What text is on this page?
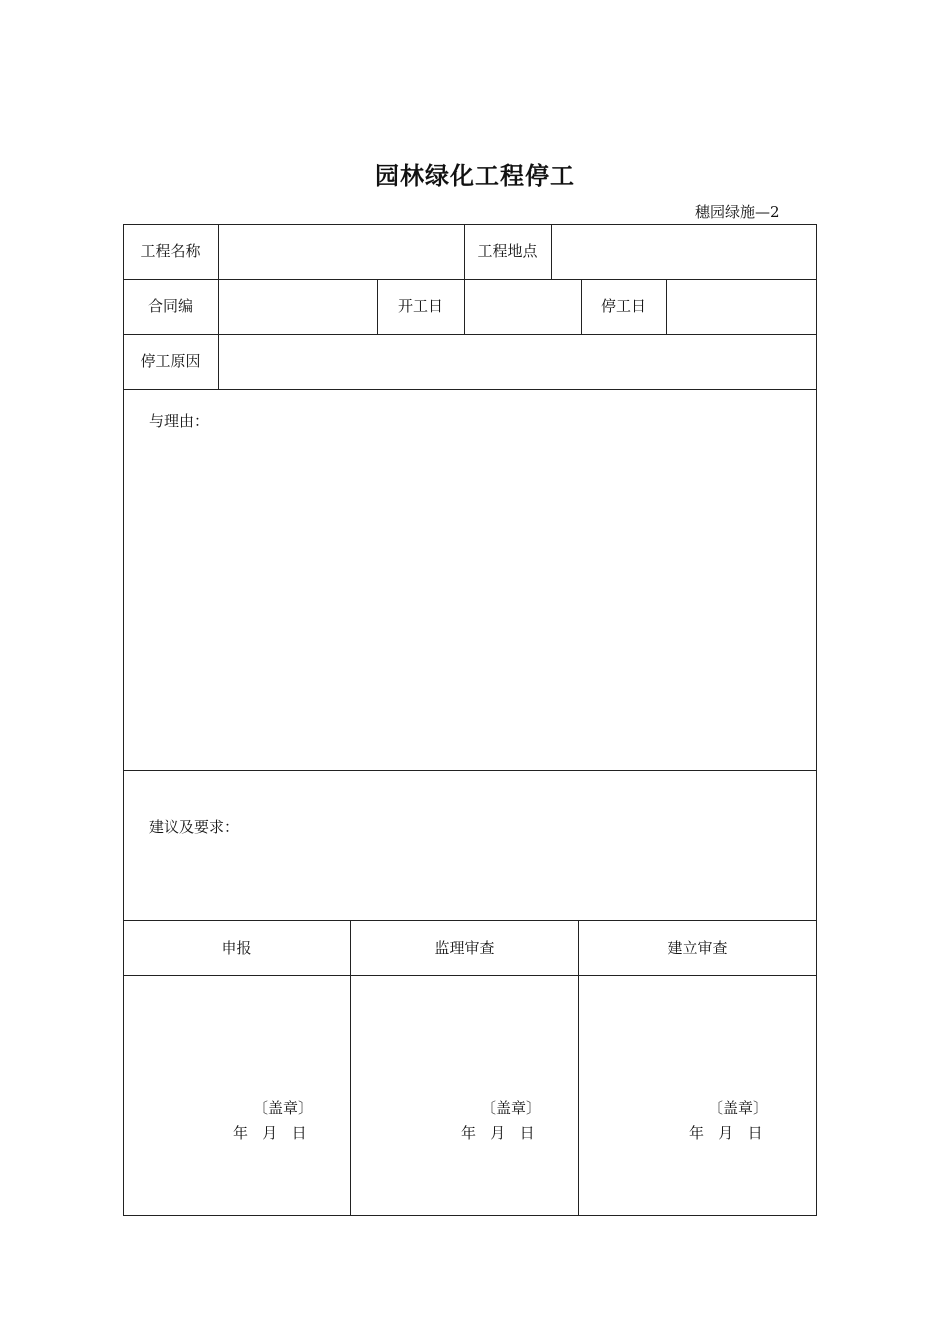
园林绿化工程停工
穗园绿施—2
工程名称	工程地点
合同编	开工日	停工日
停工原因
与理由：
建议及要求：
申报	监理审查	建立审查
〔盖章〕
年   月   日
〔盖章〕
年   月   日
〔盖章〕
年   月   日
